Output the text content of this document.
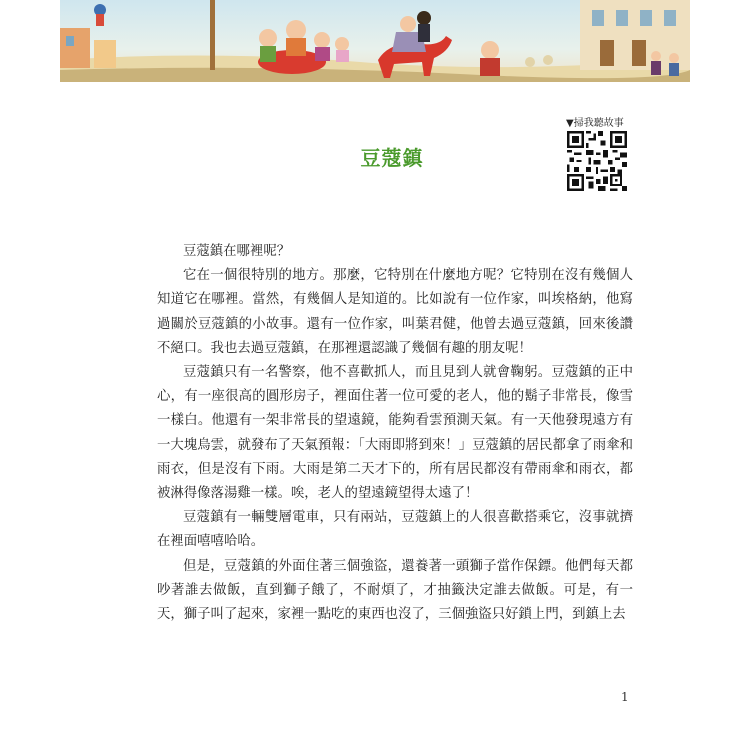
▼掃我聽故事
豆蔻鎮

豆蔻鎮在哪裡呢？

它在一個很特別的地方。那麼，它特別在什麼地方呢？它特別在沒有幾個人知道它在哪裡。當然，有幾個人是知道的。比如說有一位作家，叫埃格納，他寫過關於豆蔻鎮的小故事。還有一位作家，叫葉君健，他曾去過豆蔻鎮，回來後讚不絕口。我也去過豆蔻鎮，在那裡還認識了幾個有趣的朋友呢！

豆蔻鎮只有一名警察，他不喜歡抓人，而且見到人就會鞠躬。豆蔻鎮的正中心，有一座很高的圓形房子，裡面住著一位可愛的老人，他的鬍子非常長，像雪一樣白。他還有一架非常長的望遠鏡，能夠看雲預測天氣。有一天他發現遠方有一大塊烏雲，就發布了天氣預報：「大雨即將到來！」豆蔻鎮的居民都拿了雨傘和雨衣，但是沒有下雨。大雨是第二天才下的，所有居民都沒有帶雨傘和雨衣，都被淋得像落湯雞一樣。唉，老人的望遠鏡望得太遠了！

豆蔻鎮有一輛雙層電車，只有兩站，豆蔻鎮上的人很喜歡搭乘它，沒事就擠在裡面嘻嘻哈哈。

但是，豆蔻鎮的外面住著三個強盜，還養著一頭獅子當作保鏢。他們每天都吵著誰去做飯，直到獅子餓了，不耐煩了，才抽籤決定誰去做飯。可是，有一天，獅子叫了起來，家裡一點吃的東西也沒了，三個強盜只好鎖上門，到鎮上去

1
